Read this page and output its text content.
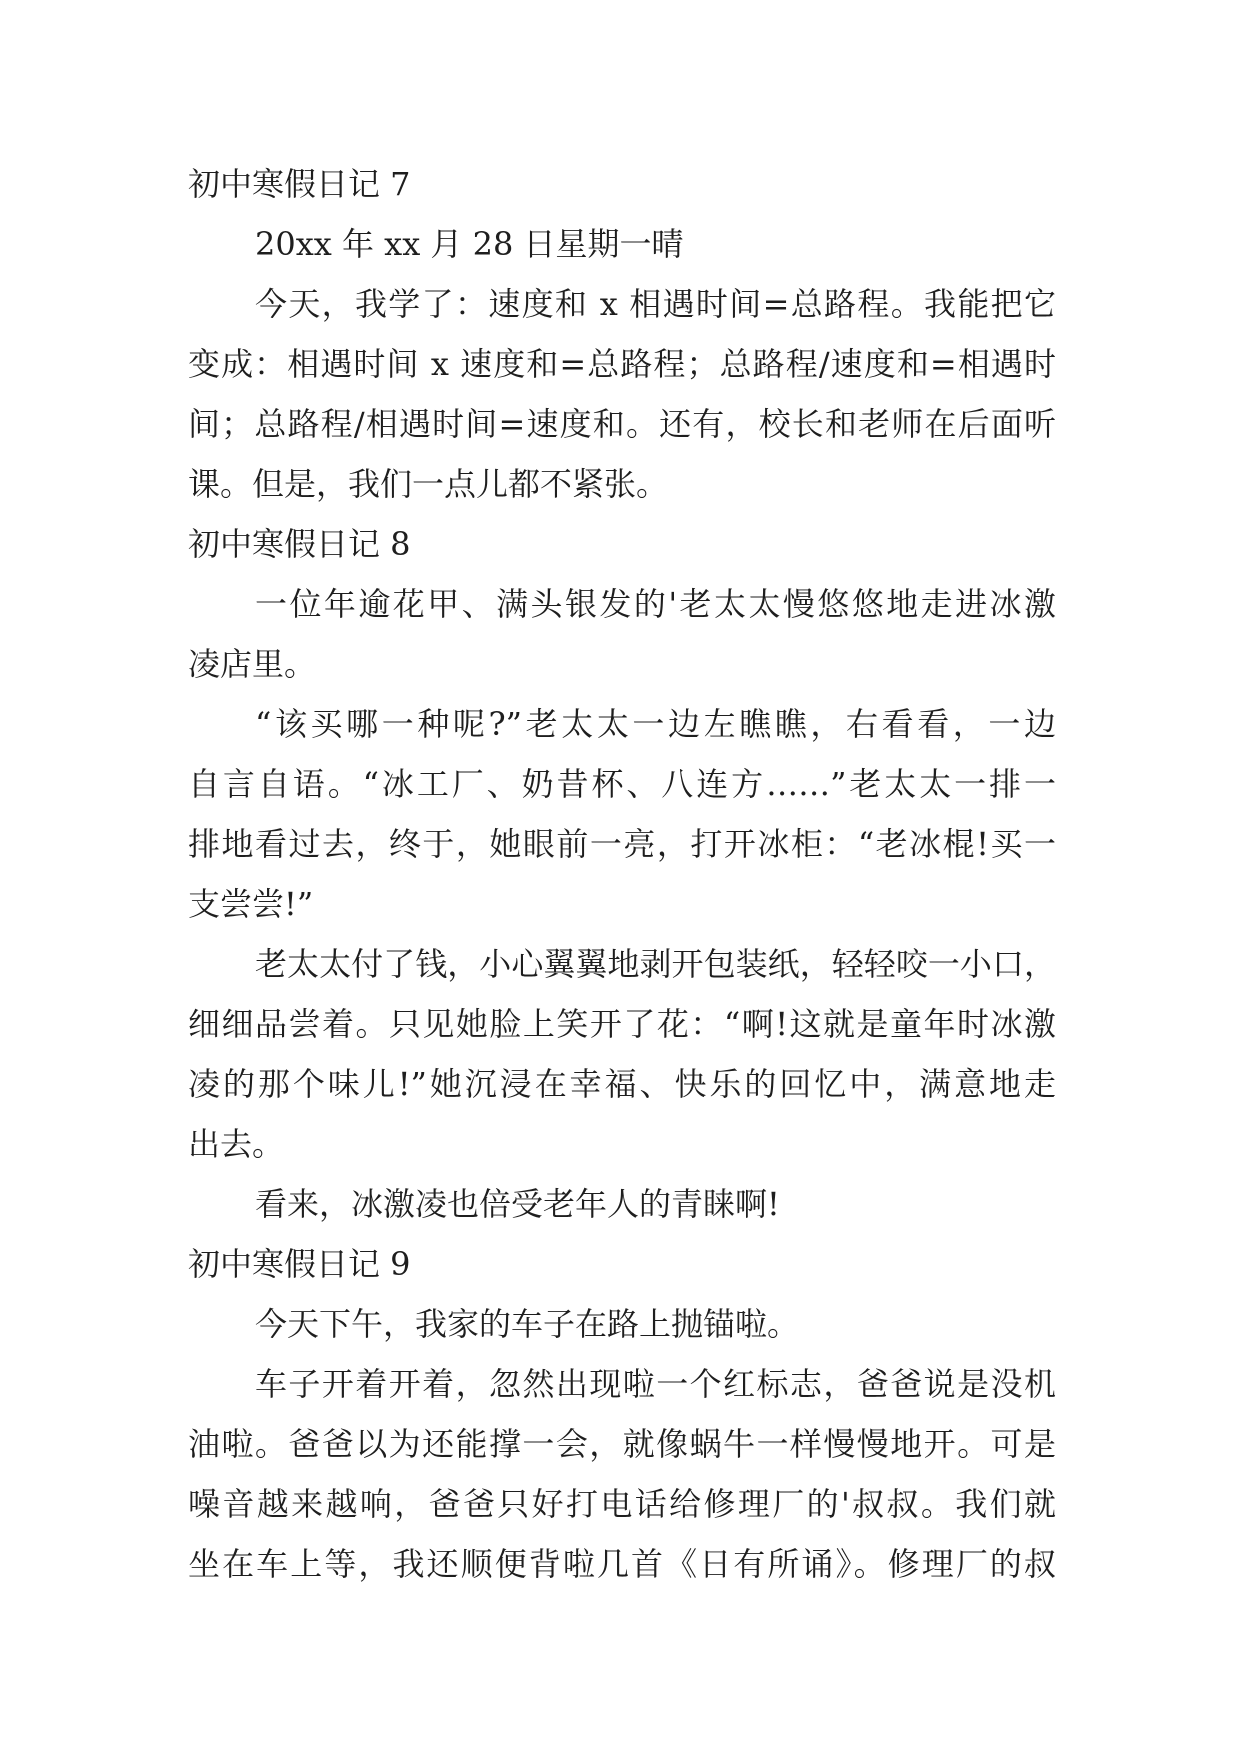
初中寒假日记 7
20xx 年 xx 月 28 日星期一晴
今天，我学了：速度和 x 相遇时间=总路程。我能把它
变成：相遇时间 x 速度和=总路程；总路程/速度和=相遇时
间；总路程/相遇时间=速度和。还有，校长和老师在后面听
课。但是，我们一点儿都不紧张。
初中寒假日记 8
一位年逾花甲、满头银发的'老太太慢悠悠地走进冰激
凌店里。
“该买哪一种呢?”老太太一边左瞧瞧，右看看，一边
自言自语。“冰工厂、奶昔杯、八连方……”老太太一排一
排地看过去，终于，她眼前一亮，打开冰柜：“老冰棍!买一
支尝尝!”
老太太付了钱，小心翼翼地剥开包装纸，轻轻咬一小口，
细细品尝着。只见她脸上笑开了花：“啊!这就是童年时冰激
凌的那个味儿!”她沉浸在幸福、快乐的回忆中，满意地走
出去。
看来，冰激凌也倍受老年人的青睐啊!
初中寒假日记 9
今天下午，我家的车子在路上抛锚啦。
车子开着开着，忽然出现啦一个红标志，爸爸说是没机
油啦。爸爸以为还能撑一会，就像蜗牛一样慢慢地开。可是
噪音越来越响，爸爸只好打电话给修理厂的'叔叔。我们就
坐在车上等，我还顺便背啦几首《日有所诵》。修理厂的叔
